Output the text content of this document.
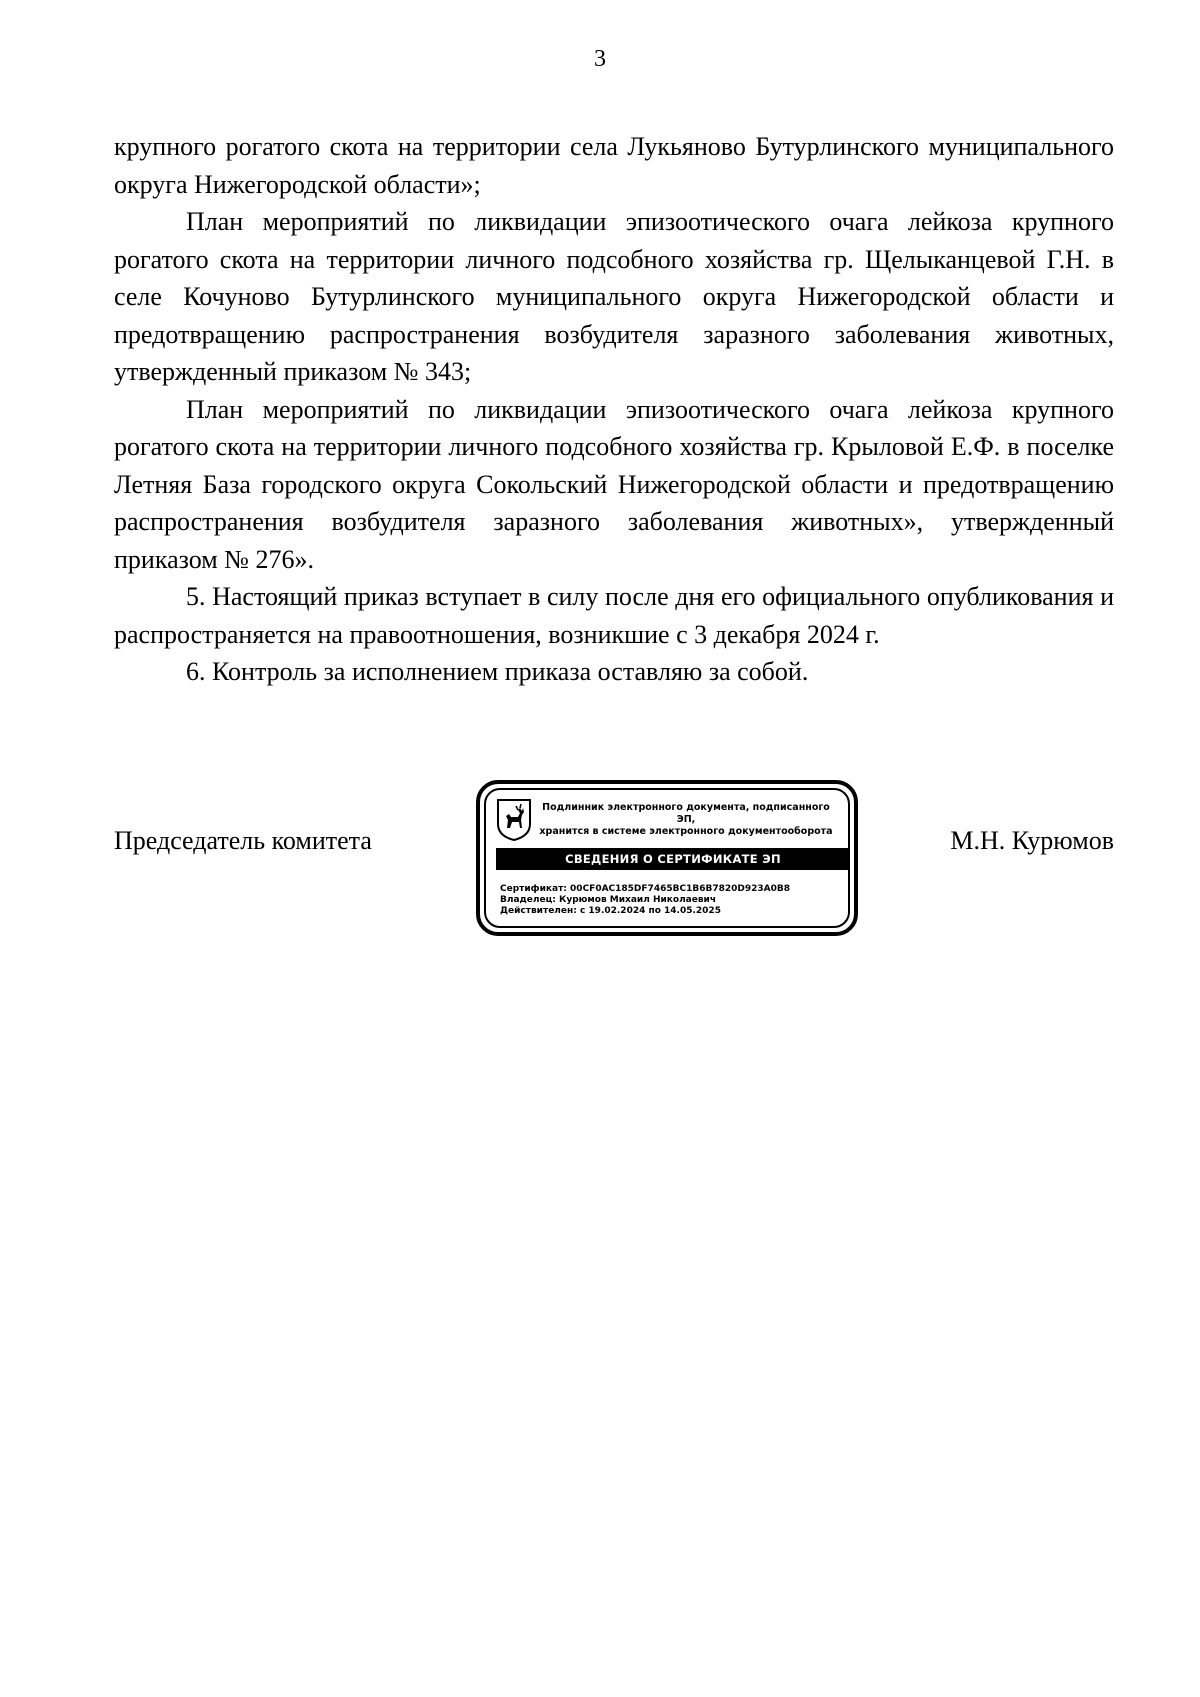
3

крупного рогатого скота на территории села Лукьяново Бутурлинского муниципального округа Нижегородской области»;

План мероприятий по ликвидации эпизоотического очага лейкоза крупного рогатого скота на территории личного подсобного хозяйства гр. Щелыканцевой Г.Н. в селе Кочуново Бутурлинского муниципального округа Нижегородской области и предотвращению распространения возбудителя заразного заболевания животных, утвержденный приказом № 343;

План мероприятий по ликвидации эпизоотического очага лейкоза крупного рогатого скота на территории личного подсобного хозяйства гр. Крыловой Е.Ф. в поселке Летняя База городского округа Сокольский Нижегородской области и предотвращению распространения возбудителя заразного заболевания животных», утвержденный приказом № 276».

5. Настоящий приказ вступает в силу после дня его официального опубликования и распространяется на правоотношения, возникшие с 3 декабря 2024 г.

6. Контроль за исполнением приказа оставляю за собой.

Председатель комитета
Подлинник электронного документа, подписанного ЭП,
хранится в системе электронного документооборота
СВЕДЕНИЯ О СЕРТИФИКАТЕ ЭП
Сертификат: 00CF0AC185DF7465BC1B6B7820D923A0B8
Владелец: Курюмов Михаил Николаевич
Действителен: с 19.02.2024 по 14.05.2025
М.Н. Курюмов
